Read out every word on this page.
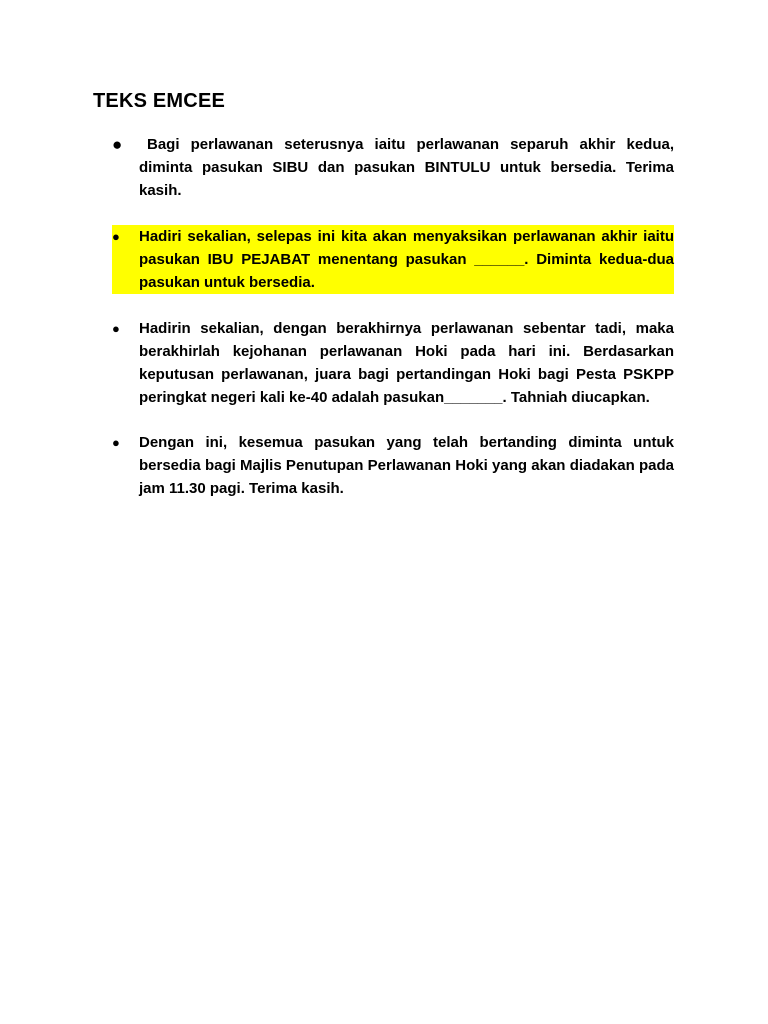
TEKS EMCEE
●	Bagi perlawanan seterusnya iaitu perlawanan separuh akhir kedua, diminta pasukan SIBU dan pasukan BINTULU untuk bersedia. Terima kasih.
●	Hadiri sekalian, selepas ini kita akan menyaksikan perlawanan akhir iaitu pasukan IBU PEJABAT menentang pasukan ______. Diminta kedua-dua pasukan untuk bersedia.
●	Hadirin sekalian, dengan berakhirnya perlawanan sebentar tadi, maka berakhirlah kejohanan perlawanan Hoki pada hari ini. Berdasarkan keputusan perlawanan, juara bagi pertandingan Hoki bagi Pesta PSKPP peringkat negeri kali ke-40 adalah pasukan_______. Tahniah diucapkan.
●	Dengan ini, kesemua pasukan yang telah bertanding diminta untuk bersedia bagi Majlis Penutupan Perlawanan Hoki yang akan diadakan pada jam 11.30 pagi. Terima kasih.
